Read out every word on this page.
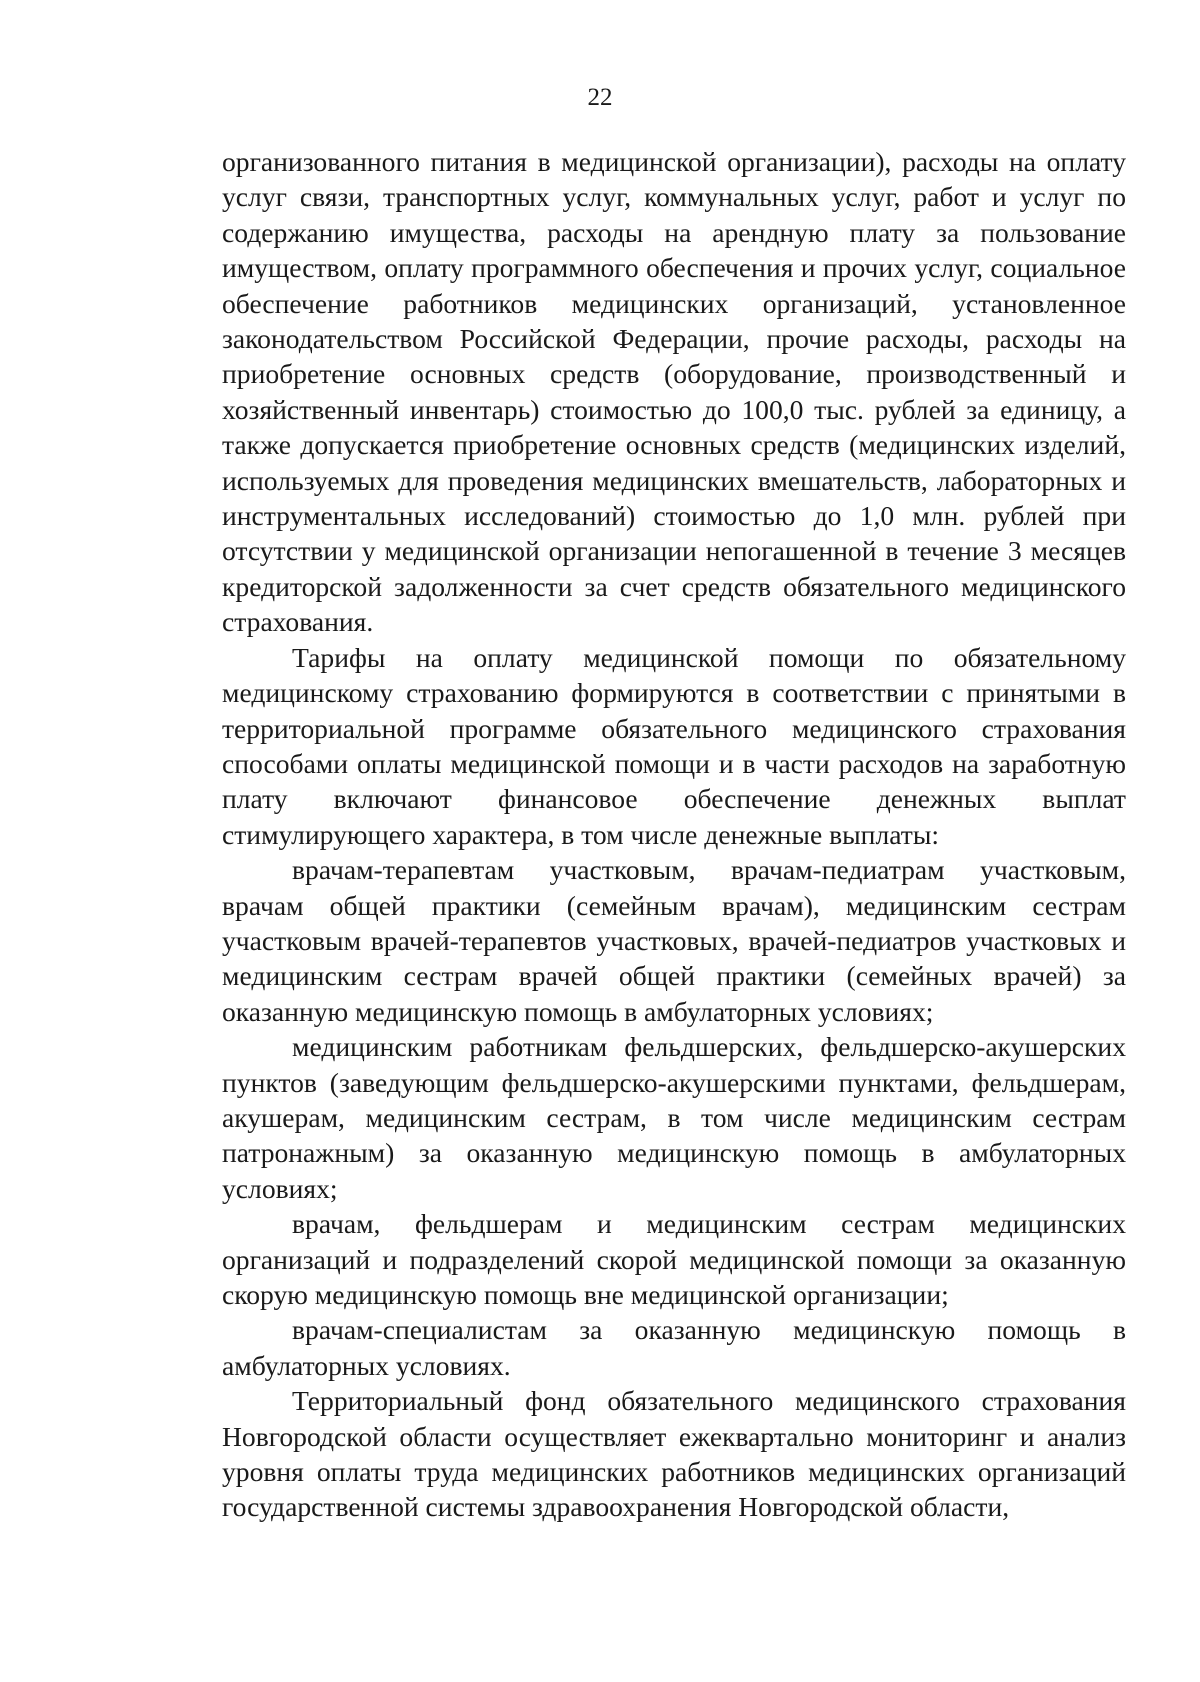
22

организованного питания в медицинской организации), расходы на оплату услуг связи, транспортных услуг, коммунальных услуг, работ и услуг по содержанию имущества, расходы на арендную плату за пользование имуществом, оплату программного обеспечения и прочих услуг, социальное обеспечение работников медицинских организаций, установленное законодательством Российской Федерации, прочие расходы, расходы на приобретение основных средств (оборудование, производственный и хозяйственный инвентарь) стоимостью до 100,0 тыс. рублей за единицу, а также допускается приобретение основных средств (медицинских изделий, используемых для проведения медицинских вмешательств, лабораторных и инструментальных исследований) стоимостью до 1,0 млн. рублей при отсутствии у медицинской организации непогашенной в течение 3 месяцев кредиторской задолженности за счет средств обязательного медицинского страхования.

Тарифы на оплату медицинской помощи по обязательному медицинскому страхованию формируются в соответствии с принятыми в территориальной программе обязательного медицинского страхования способами оплаты медицинской помощи и в части расходов на заработную плату включают финансовое обеспечение денежных выплат стимулирующего характера, в том числе денежные выплаты:

врачам-терапевтам участковым, врачам-педиатрам участковым, врачам общей практики (семейным врачам), медицинским сестрам участковым врачей-терапевтов участковых, врачей-педиатров участковых и медицинским сестрам врачей общей практики (семейных врачей) за оказанную медицинскую помощь в амбулаторных условиях;

медицинским работникам фельдшерских, фельдшерско-акушерских пунктов (заведующим фельдшерско-акушерскими пунктами, фельдшерам, акушерам, медицинским сестрам, в том числе медицинским сестрам патронажным) за оказанную медицинскую помощь в амбулаторных условиях;

врачам, фельдшерам и медицинским сестрам медицинских организаций и подразделений скорой медицинской помощи за оказанную скорую медицинскую помощь вне медицинской организации;

врачам-специалистам за оказанную медицинскую помощь в амбулаторных условиях.

Территориальный фонд обязательного медицинского страхования Новгородской области осуществляет ежеквартально мониторинг и анализ уровня оплаты труда медицинских работников медицинских организаций государственной системы здравоохранения Новгородской области,
